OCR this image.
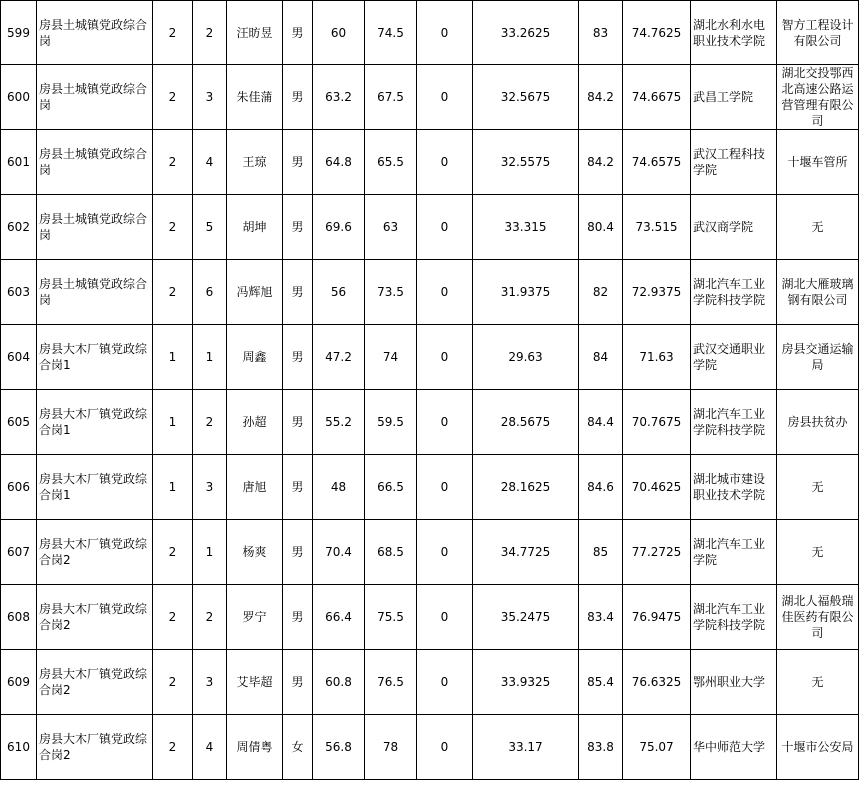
599	房县土城镇党政综合岗	2	2	汪昉昱	男	60	74.5	0	33.2625	83	74.7625	湖北水利水电职业技术学院	智方工程设计有限公司
600	房县土城镇党政综合岗	2	3	朱佳蒲	男	63.2	67.5	0	32.5675	84.2	74.6675	武昌工学院	湖北交投鄂西北高速公路运营管理有限公司
601	房县土城镇党政综合岗	2	4	王琼	男	64.8	65.5	0	32.5575	84.2	74.6575	武汉工程科技学院	十堰车管所
602	房县土城镇党政综合岗	2	5	胡坤	男	69.6	63	0	33.315	80.4	73.515	武汉商学院	无
603	房县土城镇党政综合岗	2	6	冯辉旭	男	56	73.5	0	31.9375	82	72.9375	湖北汽车工业学院科技学院	湖北大雁玻璃钢有限公司
604	房县大木厂镇党政综合岗1	1	1	周鑫	男	47.2	74	0	29.63	84	71.63	武汉交通职业学院	房县交通运输局
605	房县大木厂镇党政综合岗1	1	2	孙超	男	55.2	59.5	0	28.5675	84.4	70.7675	湖北汽车工业学院科技学院	房县扶贫办
606	房县大木厂镇党政综合岗1	1	3	唐旭	男	48	66.5	0	28.1625	84.6	70.4625	湖北城市建设职业技术学院	无
607	房县大木厂镇党政综合岗2	2	1	杨爽	男	70.4	68.5	0	34.7725	85	77.2725	湖北汽车工业学院	无
608	房县大木厂镇党政综合岗2	2	2	罗宁	男	66.4	75.5	0	35.2475	83.4	76.9475	湖北汽车工业学院科技学院	湖北人福般瑞佳医药有限公司
609	房县大木厂镇党政综合岗2	2	3	艾毕超	男	60.8	76.5	0	33.9325	85.4	76.6325	鄂州职业大学	无
610	房县大木厂镇党政综合岗2	2	4	周倩粤	女	56.8	78	0	33.17	83.8	75.07	华中师范大学	十堰市公安局
